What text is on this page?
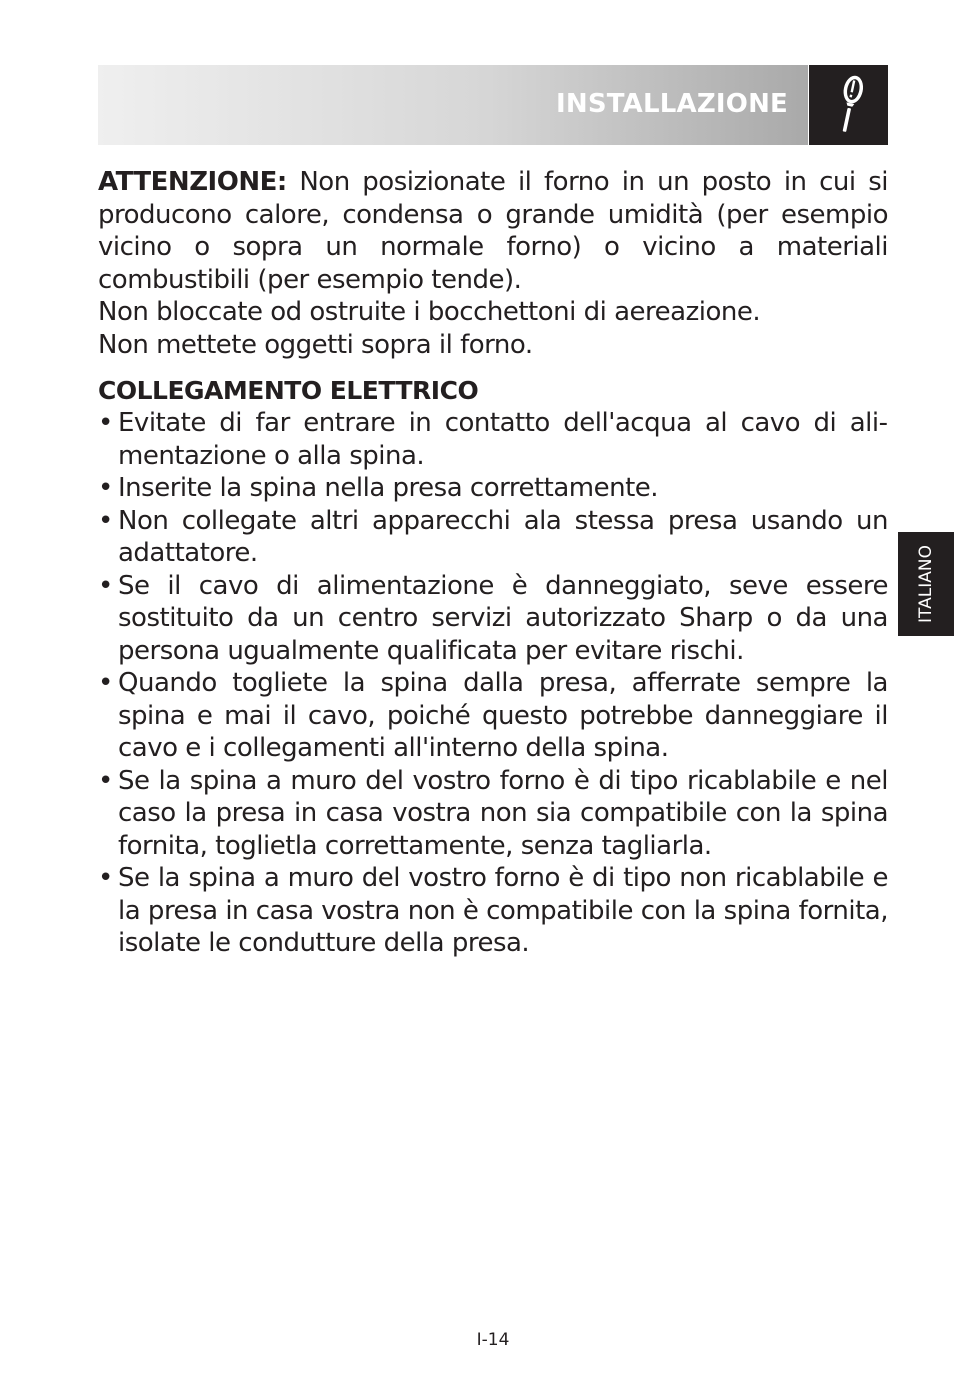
INSTALLAZIONE

ATTENZIONE: Non posizionate il forno in un posto in cui si producono calore, condensa o grande umidità (per esempio vicino o sopra un normale forno) o vicino a materiali combustibili (per esempio tende).

Non bloccate od ostruite i bocchettoni di aereazione.

Non mettete oggetti sopra il forno.

COLLEGAMENTO ELETTRICO
• Evitate di far entrare in contatto dell'acqua al cavo di alimentazione o alla spina.
• Inserite la spina nella presa correttamente.
• Non collegate altri apparecchi ala stessa presa usando un adattatore.
• Se il cavo di alimentazione è danneggiato, seve essere sostituito da un centro servizi autorizzato Sharp o da una persona ugualmente qualificata per evitare rischi.
• Quando togliete la spina dalla presa, afferrate sempre la spina e mai il cavo, poiché questo potrebbe danneggiare il cavo e i collegamenti all'interno della spina.
• Se la spina a muro del vostro forno è di tipo ricablabile e nel caso la presa in casa vostra non sia compatibile con la spina fornita, toglietla correttamente, senza tagliarla.
• Se la spina a muro del vostro forno è di tipo non ricablabile e la presa in casa vostra non è compatibile con la spina fornita, isolate le condutture della presa.
ITALIANO
I-14
